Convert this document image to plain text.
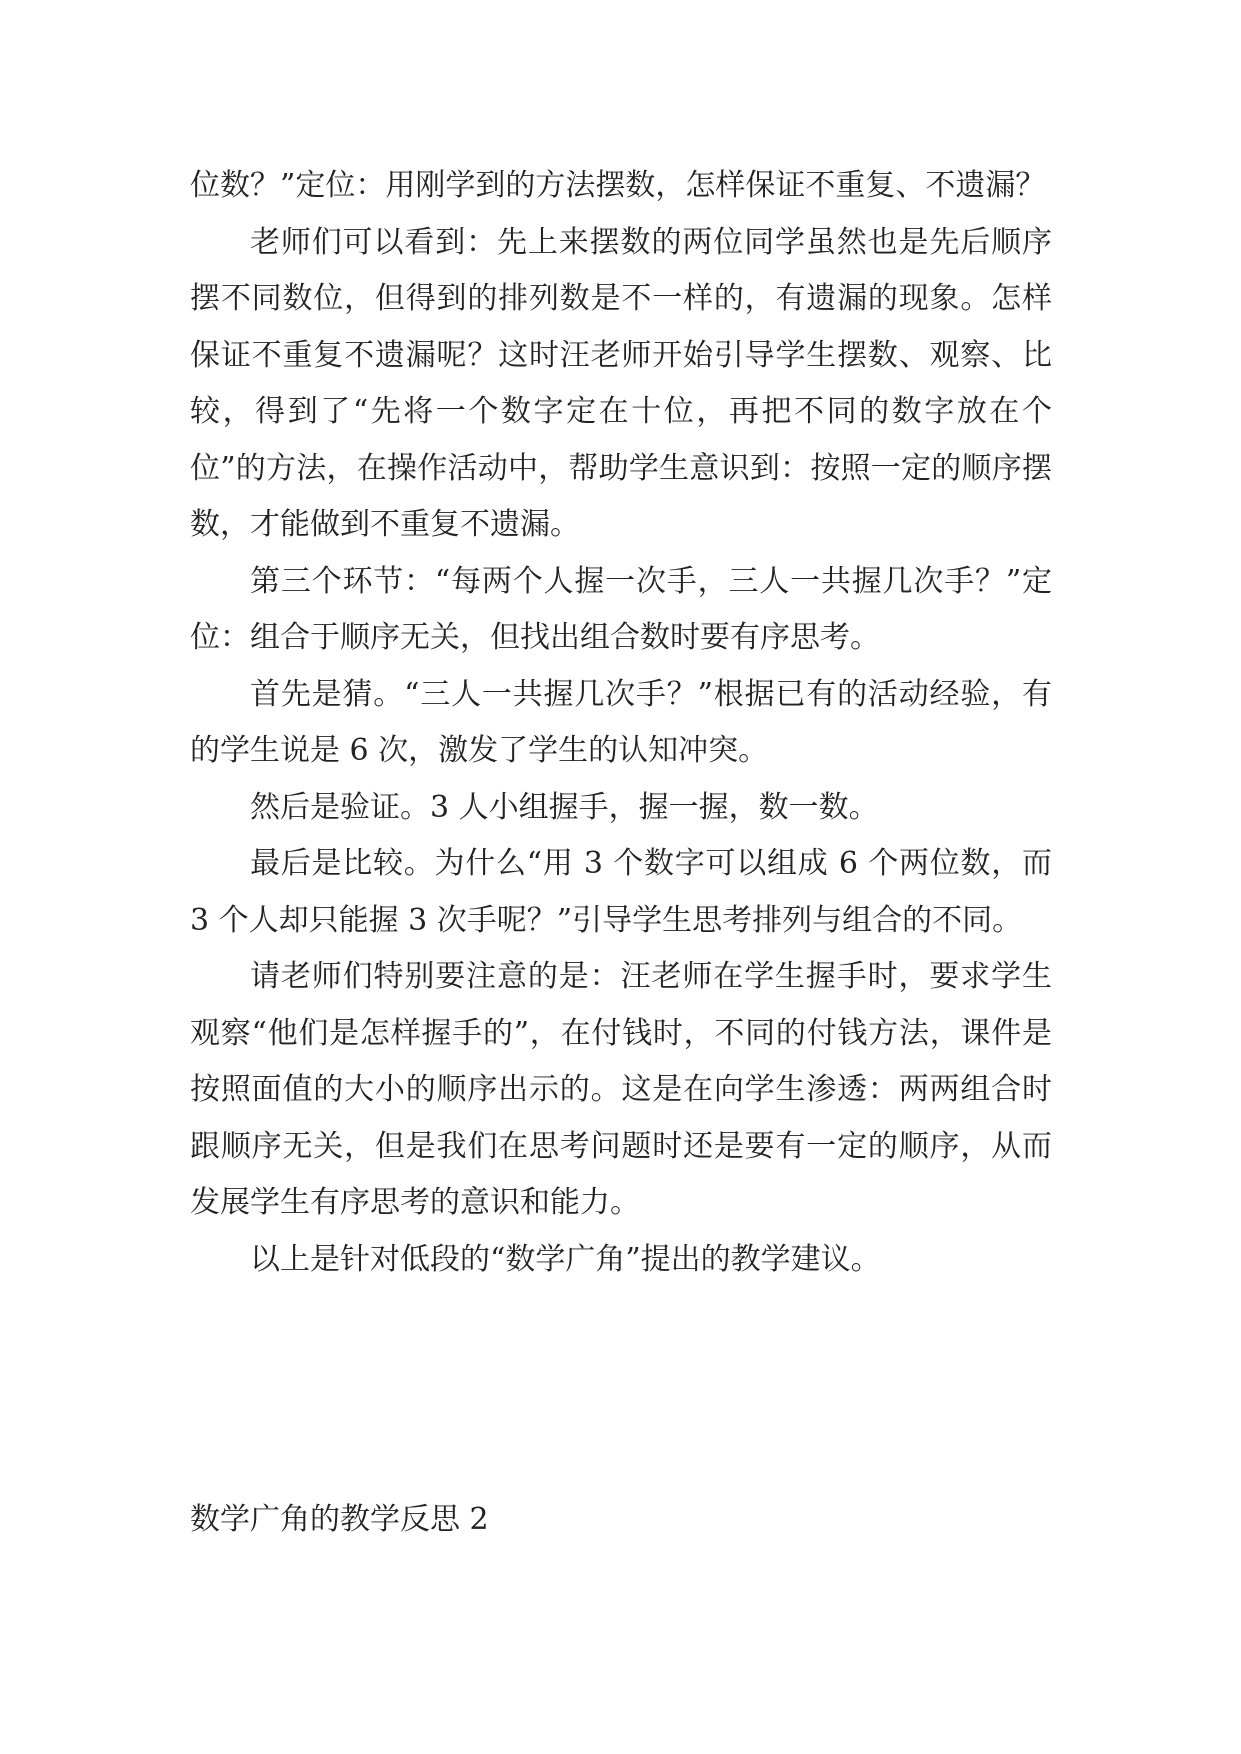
位数？”定位：用刚学到的方法摆数，怎样保证不重复、不遗漏？

老师们可以看到：先上来摆数的两位同学虽然也是先后顺序摆不同数位，但得到的排列数是不一样的，有遗漏的现象。怎样保证不重复不遗漏呢？这时汪老师开始引导学生摆数、观察、比较，得到了“先将一个数字定在十位，再把不同的数字放在个位”的方法，在操作活动中，帮助学生意识到：按照一定的顺序摆数，才能做到不重复不遗漏。

第三个环节：“每两个人握一次手，三人一共握几次手？”定位：组合于顺序无关，但找出组合数时要有序思考。

首先是猜。“三人一共握几次手？”根据已有的活动经验，有的学生说是 6 次，激发了学生的认知冲突。

然后是验证。3 人小组握手，握一握，数一数。

最后是比较。为什么“用 3 个数字可以组成 6 个两位数，而 3 个人却只能握 3 次手呢？”引导学生思考排列与组合的不同。

请老师们特别要注意的是：汪老师在学生握手时，要求学生观察“他们是怎样握手的”，在付钱时，不同的付钱方法，课件是按照面值的大小的顺序出示的。这是在向学生渗透：两两组合时跟顺序无关，但是我们在思考问题时还是要有一定的顺序，从而发展学生有序思考的意识和能力。

以上是针对低段的“数学广角”提出的教学建议。

数学广角的教学反思 2
